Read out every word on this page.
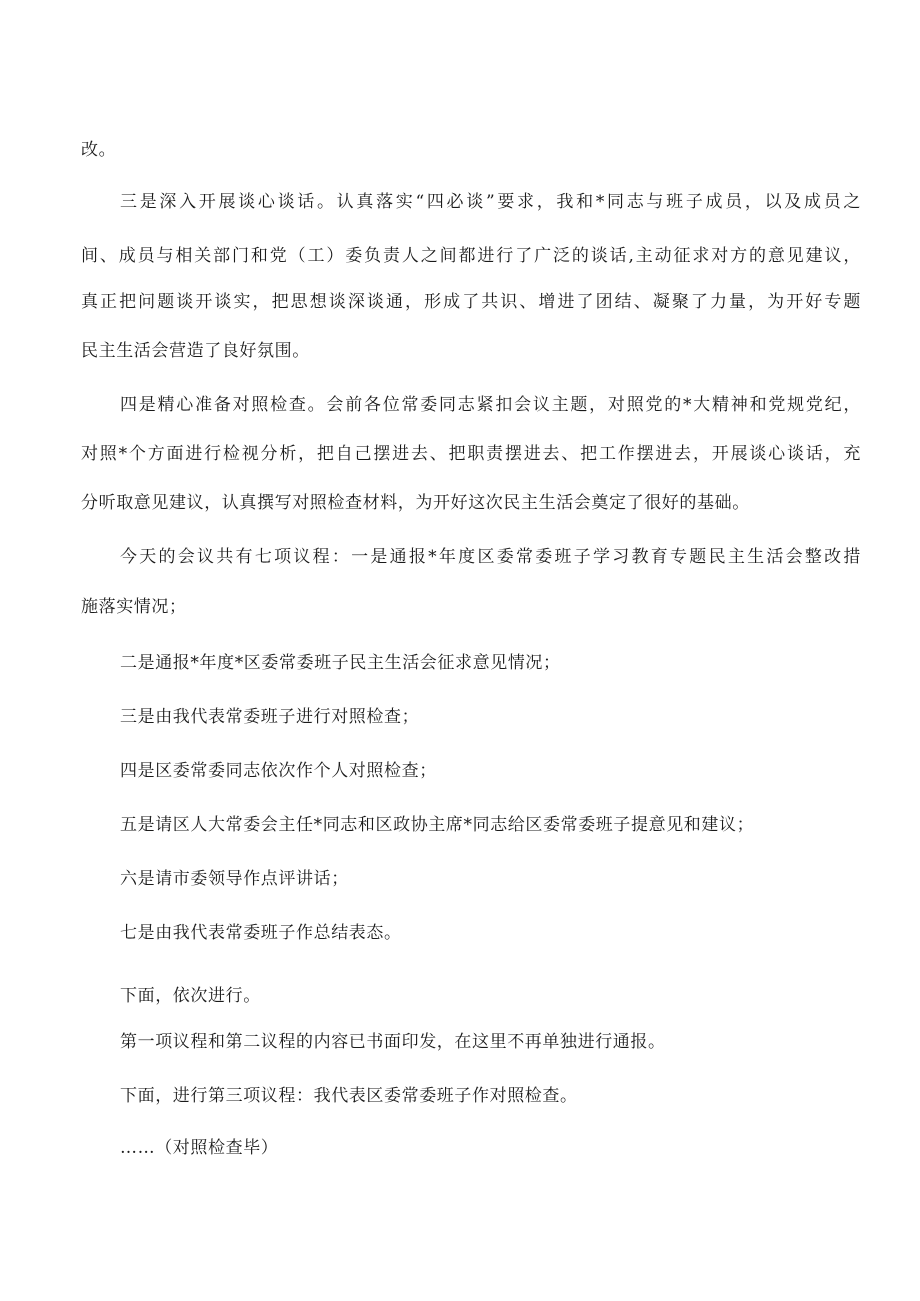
改。
三是深入开展谈心谈话。认真落实“四必谈”要求，我和*同志与班子成员，以及成员之
间、成员与相关部门和党（工）委负责人之间都进行了广泛的谈话,主动征求对方的意见建议，
真正把问题谈开谈实，把思想谈深谈通，形成了共识、增进了团结、凝聚了力量，为开好专题
民主生活会营造了良好氛围。
四是精心准备对照检查。会前各位常委同志紧扣会议主题，对照党的*大精神和党规党纪，
对照*个方面进行检视分析，把自己摆进去、把职责摆进去、把工作摆进去，开展谈心谈话，充
分听取意见建议，认真撰写对照检查材料，为开好这次民主生活会奠定了很好的基础。
今天的会议共有七项议程：一是通报*年度区委常委班子学习教育专题民主生活会整改措
施落实情况；
二是通报*年度*区委常委班子民主生活会征求意见情况；
三是由我代表常委班子进行对照检查；
四是区委常委同志依次作个人对照检查；
五是请区人大常委会主任*同志和区政协主席*同志给区委常委班子提意见和建议；
六是请市委领导作点评讲话；
七是由我代表常委班子作总结表态。
下面，依次进行。
第一项议程和第二议程的内容已书面印发，在这里不再单独进行通报。
下面，进行第三项议程：我代表区委常委班子作对照检查。
……（对照检查毕）
